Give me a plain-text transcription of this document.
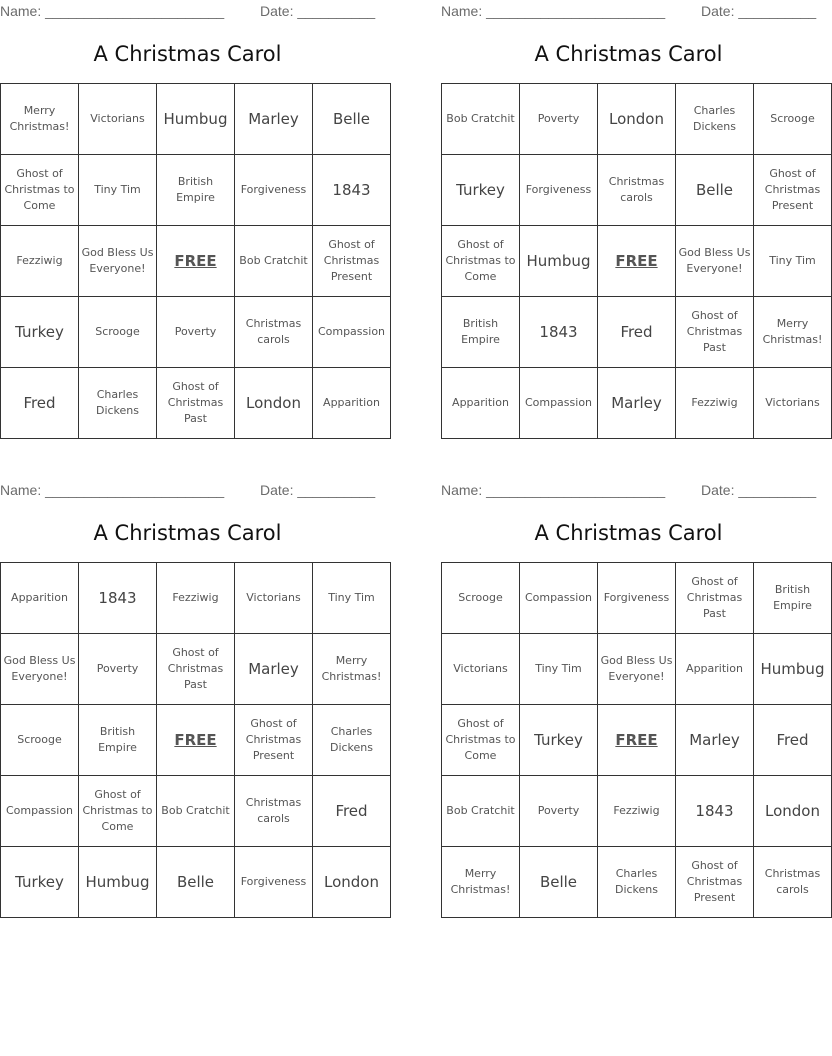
Name: _______________________	Date: __________
A Christmas Carol
Merry Christmas!	Victorians	Humbug	Marley	Belle
Ghost of Christmas to Come	Tiny Tim	British Empire	Forgiveness	1843
Fezziwig	God Bless Us Everyone!	FREE	Bob Cratchit	Ghost of Christmas Present
Turkey	Scrooge	Poverty	Christmas carols	Compassion
Fred	Charles Dickens	Ghost of Christmas Past	London	Apparition
Name: _______________________	Date: __________
A Christmas Carol
Bob Cratchit	Poverty	London	Charles Dickens	Scrooge
Turkey	Forgiveness	Christmas carols	Belle	Ghost of Christmas Present
Ghost of Christmas to Come	Humbug	FREE	God Bless Us Everyone!	Tiny Tim
British Empire	1843	Fred	Ghost of Christmas Past	Merry Christmas!
Apparition	Compassion	Marley	Fezziwig	Victorians
Name: _______________________	Date: __________
A Christmas Carol
Apparition	1843	Fezziwig	Victorians	Tiny Tim
God Bless Us Everyone!	Poverty	Ghost of Christmas Past	Marley	Merry Christmas!
Scrooge	British Empire	FREE	Ghost of Christmas Present	Charles Dickens
Compassion	Ghost of Christmas to Come	Bob Cratchit	Christmas carols	Fred
Turkey	Humbug	Belle	Forgiveness	London
Name: _______________________	Date: __________
A Christmas Carol
Scrooge	Compassion	Forgiveness	Ghost of Christmas Past	British Empire
Victorians	Tiny Tim	God Bless Us Everyone!	Apparition	Humbug
Ghost of Christmas to Come	Turkey	FREE	Marley	Fred
Bob Cratchit	Poverty	Fezziwig	1843	London
Merry Christmas!	Belle	Charles Dickens	Ghost of Christmas Present	Christmas carols
